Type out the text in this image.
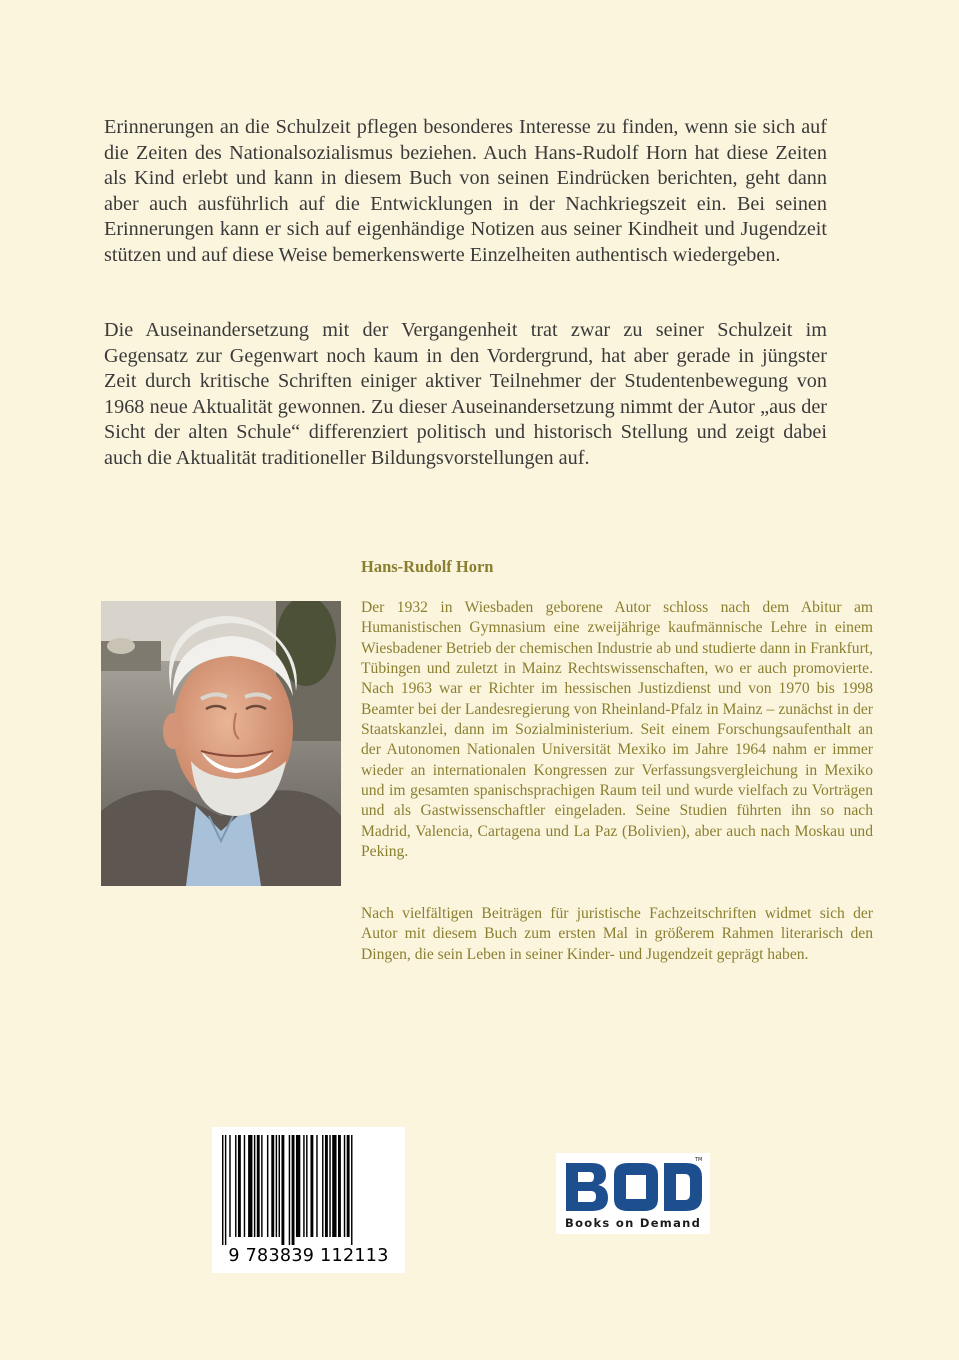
Erinnerungen an die Schulzeit pflegen besonderes Interesse zu finden, wenn sie sich auf die Zeiten des Nationalsozialismus beziehen. Auch Hans-Rudolf Horn hat diese Zeiten als Kind erlebt und kann in diesem Buch von seinen Eindrücken berichten, geht dann aber auch ausführlich auf die Entwicklungen in der Nachkriegszeit ein. Bei seinen Erinnerungen kann er sich auf eigenhändige Notizen aus seiner Kindheit und Jugendzeit stützen und auf diese Weise bemerkenswerte Einzelheiten authentisch wiedergeben.

Die Auseinandersetzung mit der Vergangenheit trat zwar zu seiner Schulzeit im Gegensatz zur Gegenwart noch kaum in den Vordergrund, hat aber gerade in jüngster Zeit durch kritische Schriften einiger aktiver Teilnehmer der Studentenbewegung von 1968 neue Aktualität gewonnen. Zu dieser Auseinandersetzung nimmt der Autor „aus der Sicht der alten Schule“ differenziert politisch und historisch Stellung und zeigt dabei auch die Aktualität traditioneller Bildungsvorstellungen auf.

Hans-Rudolf Horn

Der 1932 in Wiesbaden geborene Autor schloss nach dem Abitur am Humanistischen Gymnasium eine zweijährige kaufmännische Lehre in einem Wiesbadener Betrieb der chemischen Industrie ab und studierte dann in Frankfurt, Tübingen und zuletzt in Mainz Rechtswissenschaften, wo er auch promovierte. Nach 1963 war er Richter im hessischen Justizdienst und von 1970 bis 1998 Beamter bei der Landesregierung von Rheinland-Pfalz in Mainz – zunächst in der Staatskanzlei, dann im Sozialministerium. Seit einem Forschungsaufenthalt an der Autonomen Nationalen Universität Mexiko im Jahre 1964 nahm er immer wieder an internationalen Kongressen zur Verfassungsvergleichung in Mexiko und im gesamten spanischsprachigen Raum teil und wurde vielfach zu Vorträgen und als Gastwissenschaftler eingeladen. Seine Studien führten ihn so nach Madrid, Valencia, Cartagena und La Paz (Bolivien), aber auch nach Moskau und Peking.

Nach vielfältigen Beiträgen für juristische Fachzeitschriften widmet sich der Autor mit diesem Buch zum ersten Mal in größerem Rahmen literarisch den Dingen, die sein Leben in seiner Kinder- und Jugendzeit geprägt haben.

9 783839 112113
TM
Books on Demand
